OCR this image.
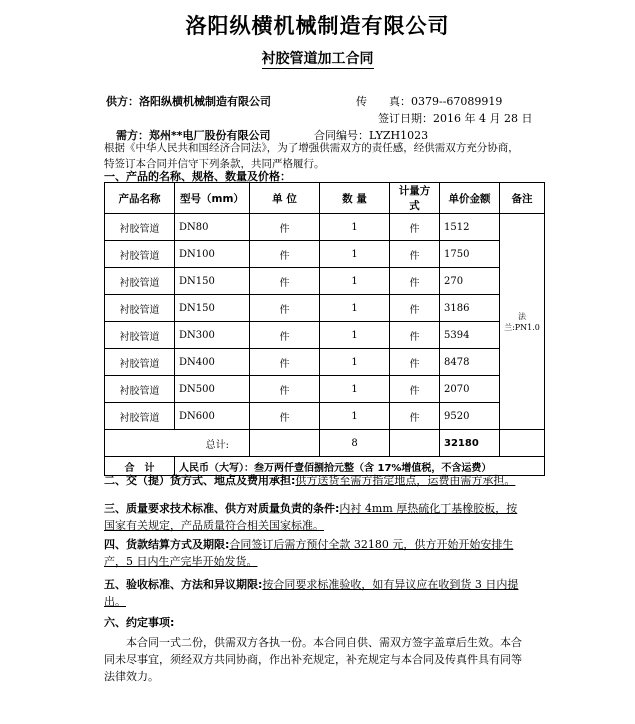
洛阳纵横机械制造有限公司
衬胶管道加工合同
供方：洛阳纵横机械制造有限公司	传　　真：0379--67089919
签订日期：2016 年 4 月 28 日
需方：郑州**电厂股份有限公司	合同编号：LYZH1023
根据《中华人民共和国经济合同法》，为了增强供需双方的责任感，经供需双方充分协商，特签订本合同并信守下列条款，共同严格履行。
一、产品的名称、规格、数量及价格：
产品名称	型号（mm）	单 位	数 量	计量方式	单价金额	备注
衬胶管道	DN80	件	1	件	1512	法兰:PN1.0
衬胶管道	DN100	件	1	件	1750	
衬胶管道	DN150	件	1	件	270	
衬胶管道	DN150	件	1	件	3186	
衬胶管道	DN300	件	1	件	5394	
衬胶管道	DN400	件	1	件	8478	
衬胶管道	DN500	件	1	件	2070	
衬胶管道	DN600	件	1	件	9520	
总计:			8		32180	
合　计	人民币（大写）：叁万两仟壹佰捌拾元整（含 17%增值税，不含运费）					
二、交（提）货方式、地点及费用承担:供方送货至需方指定地点，运费由需方承担。
三、质量要求技术标准、供方对质量负责的条件:内衬 4mm 厚热硫化丁基橡胶板，按
国家有关规定，产品质量符合相关国家标准。
四、货款结算方式及期限:合同签订后需方预付全款 32180 元，供方开始开始安排生
产，5 日内生产完毕开始发货。
五、验收标准、方法和异议期限:按合同要求标准验收，如有异议应在收到货 3 日内提
出。
六、约定事项:
本合同一式二份，供需双方各执一份。本合同自供、需双方签字盖章后生效。本合同未尽事宜，须经双方共同协商，作出补充规定，补充规定与本合同及传真件具有同等法律效力。
